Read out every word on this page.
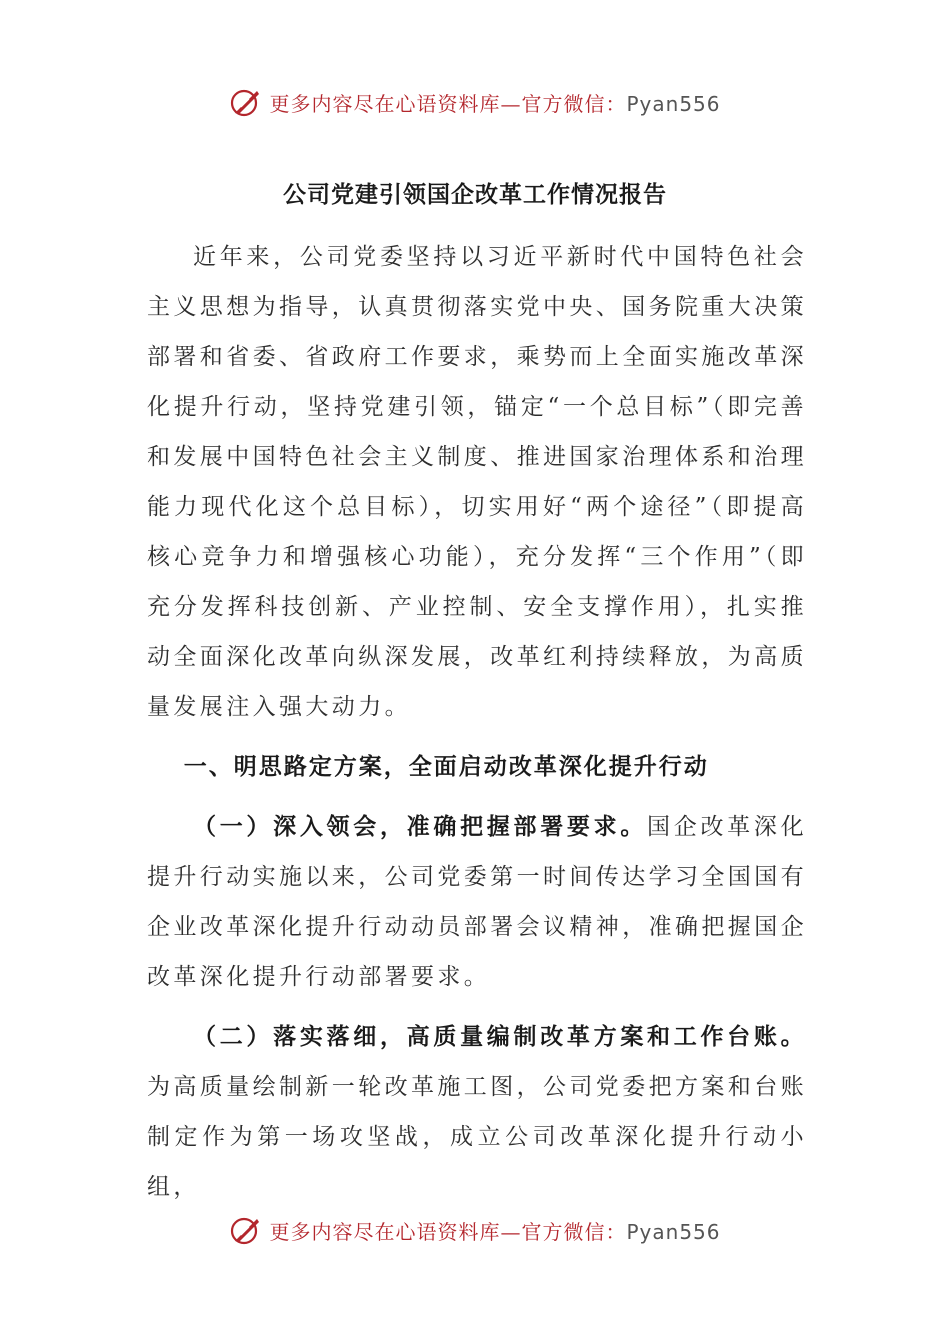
更多内容尽在心语资料库—官方微信：Pyan556
公司党建引领国企改革工作情况报告

近年来，公司党委坚持以习近平新时代中国特色社会主义思想为指导，认真贯彻落实党中央、国务院重大决策部署和省委、省政府工作要求，乘势而上全面实施改革深化提升行动，坚持党建引领，锚定“一个总目标”（即完善和发展中国特色社会主义制度、推进国家治理体系和治理能力现代化这个总目标），切实用好“两个途径”（即提高核心竞争力和增强核心功能），充分发挥“三个作用”（即充分发挥科技创新、产业控制、安全支撑作用），扎实推动全面深化改革向纵深发展，改革红利持续释放，为高质量发展注入强大动力。

一、明思路定方案，全面启动改革深化提升行动

（一）深入领会，准确把握部署要求。国企改革深化提升行动实施以来，公司党委第一时间传达学习全国国有企业改革深化提升行动动员部署会议精神，准确把握国企改革深化提升行动部署要求。

（二）落实落细，高质量编制改革方案和工作台账。为高质量绘制新一轮改革施工图，公司党委把方案和台账制定作为第一场攻坚战，成立公司改革深化提升行动小组，

更多内容尽在心语资料库—官方微信：Pyan556
